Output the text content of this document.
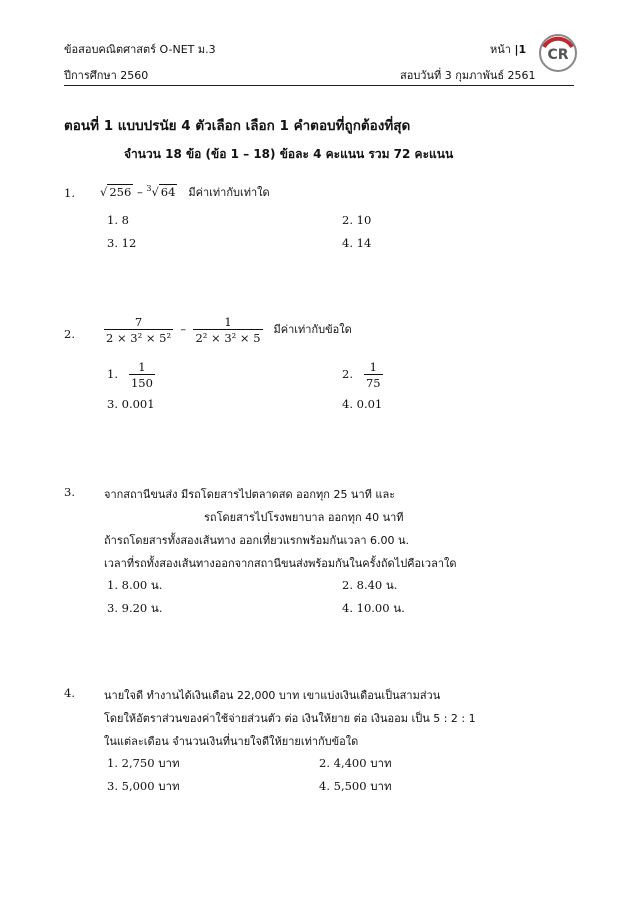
ข้อสอบคณิตศาสตร์ O-NET ม.3	หน้า |1
ปีการศึกษา 2560	สอบวันที่ 3 กุมภาพันธ์ 2561
CR
ตอนที่ 1 แบบปรนัย 4 ตัวเลือก เลือก 1 คำตอบที่ถูกต้องที่สุด
จำนวน 18 ข้อ (ข้อ 1 – 18) ข้อละ 4 คะแนน รวม 72 คะแนน
1. √ 256 – $^3$√ 64 มีค่าเท่ากับเท่าใด
1. 8	2. 10
3. 12	4. 14
2.	$\frac{7}{\text{2 × 3² × 5²}} - \frac{1}{\text{2² × 3² × 5}}$ มีค่าเท่ากับข้อใด
1. $\frac{1}{150}$	2. $\frac{1}{75}$
3. 0.001	4. 0.01
3.	จากสถานีขนส่ง มีรถโดยสารไปตลาดสด ออกทุก 25 นาที และ
รถโดยสารไปโรงพยาบาล ออกทุก 40 นาที
ถ้ารถโดยสารทั้งสองเส้นทาง ออกเที่ยวแรกพร้อมกันเวลา 6.00 น.
เวลาที่รถทั้งสองเส้นทางออกจากสถานีขนส่งพร้อมกันในครั้งถัดไปคือเวลาใด
1. 8.00 น.	2. 8.40 น.
3. 9.20 น.	4. 10.00 น.
4.	นายใจดี ทำงานได้เงินเดือน 22,000 บาท เขาแบ่งเงินเดือนเป็นสามส่วน
โดยให้อัตราส่วนของค่าใช้จ่ายส่วนตัว ต่อ เงินให้ยาย ต่อ เงินออม เป็น 5 : 2 : 1
ในแต่ละเดือน จำนวนเงินที่นายใจดีให้ยายเท่ากับข้อใด
1. 2,750 บาท	2. 4,400 บาท
3. 5,000 บาท	4. 5,500 บาท
